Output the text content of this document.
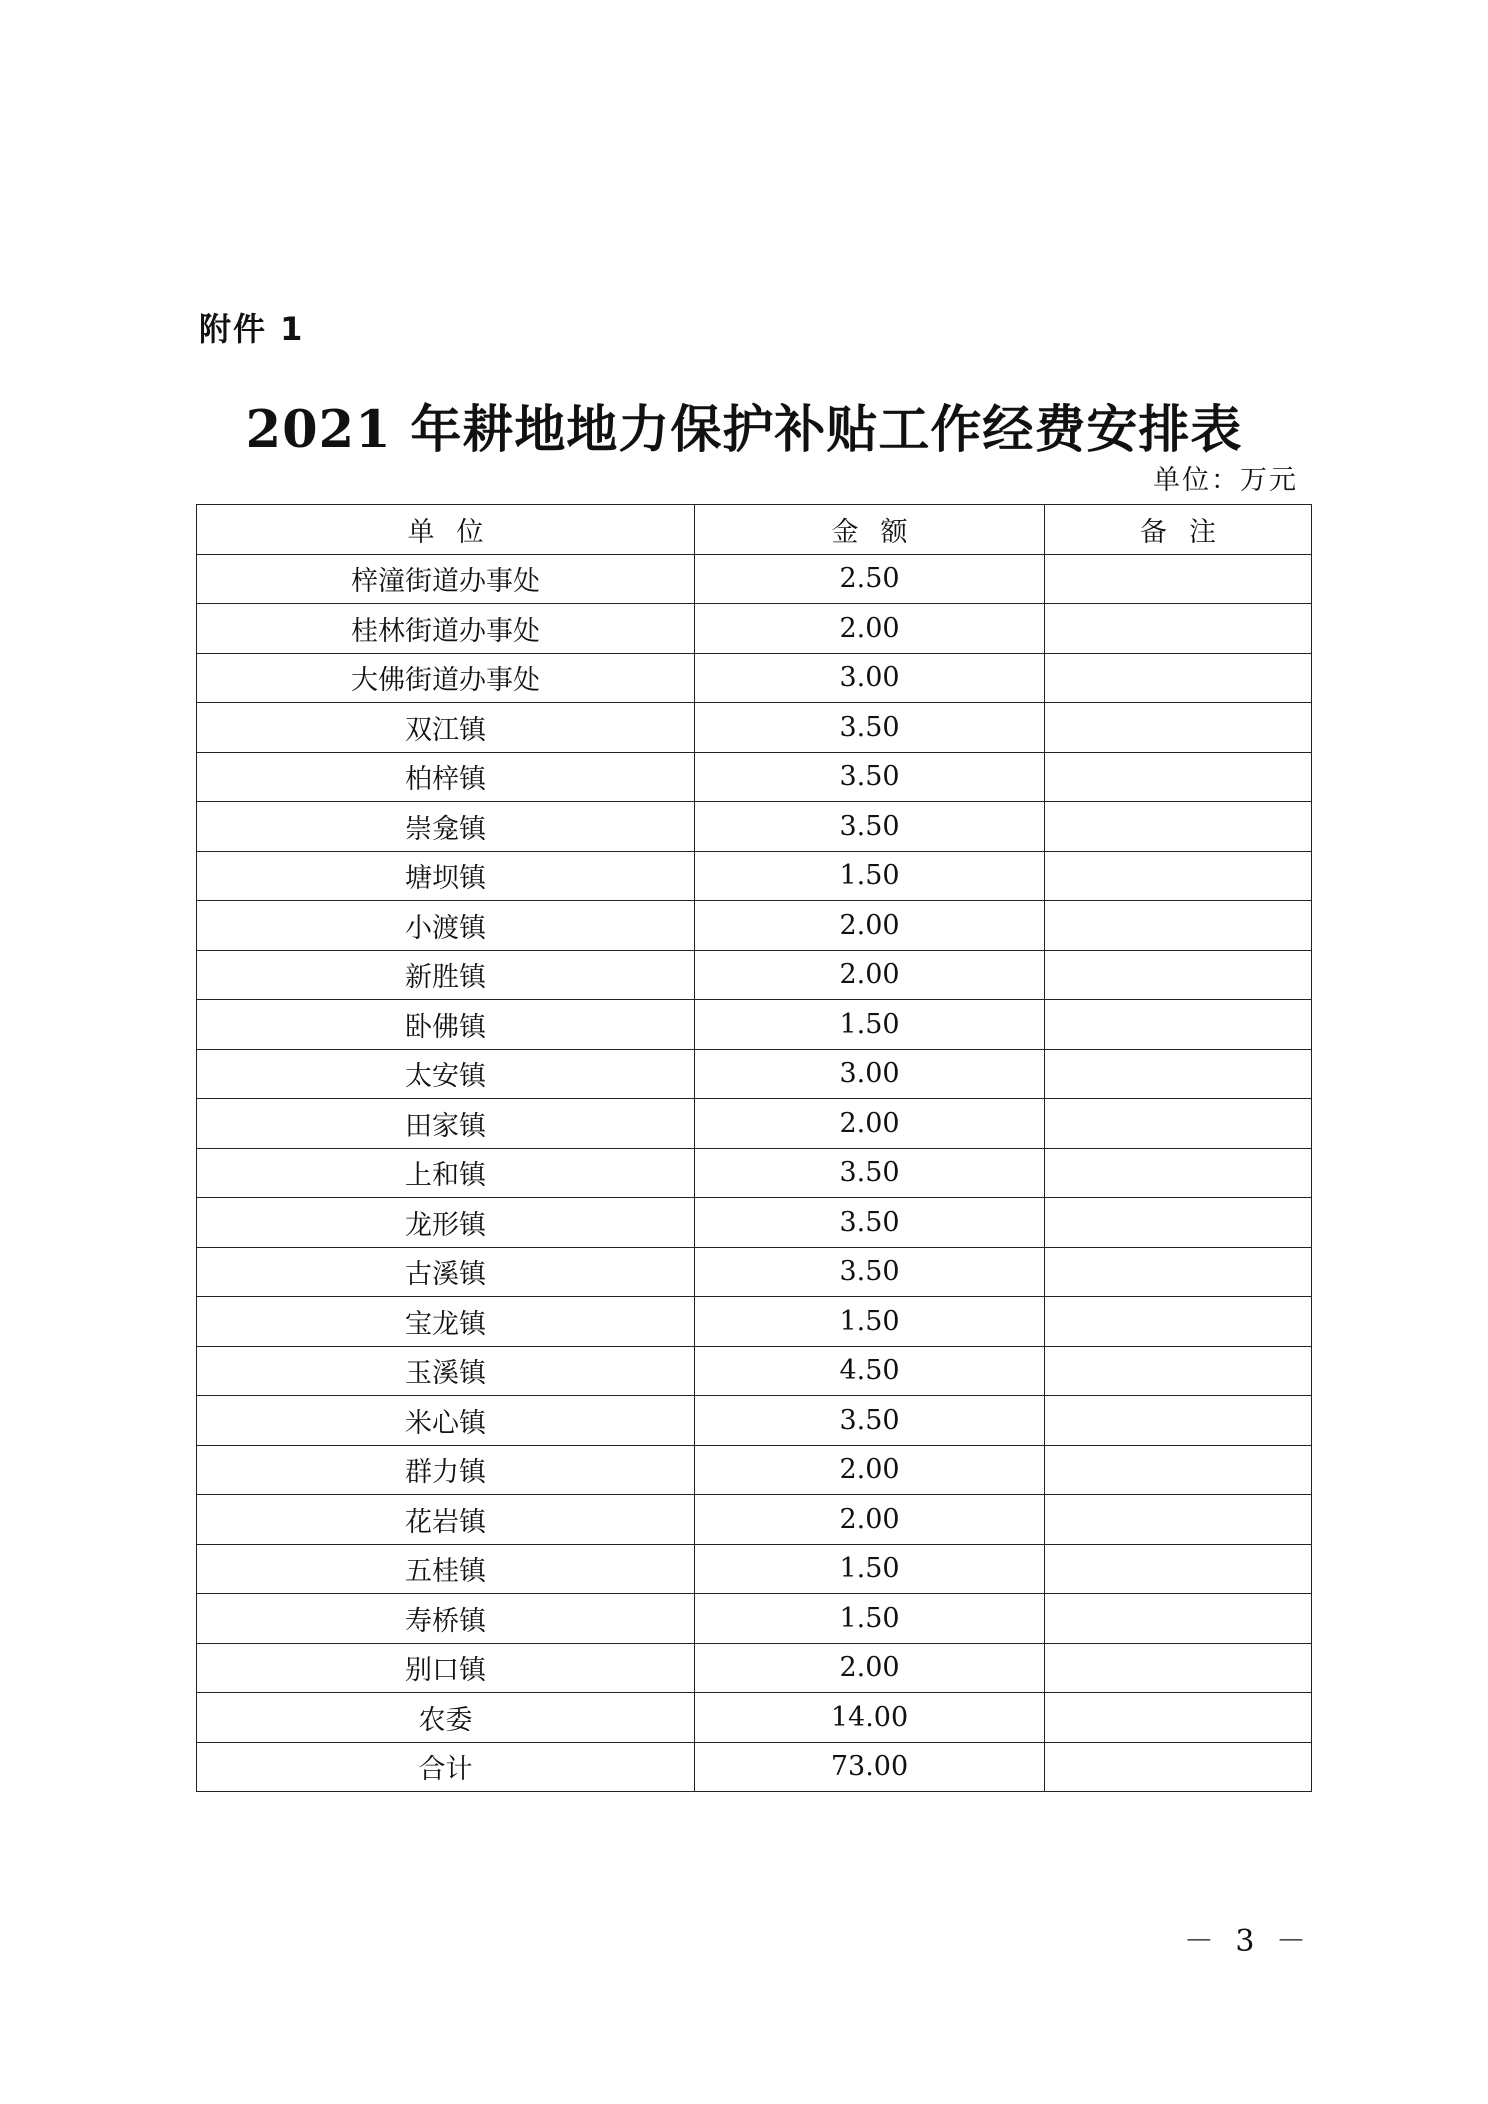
附件 1
2021 年耕地地力保护补贴工作经费安排表
单位：万元
单位	金额	备注
梓潼街道办事处	2.50	
桂林街道办事处	2.00	
大佛街道办事处	3.00	
双江镇	3.50	
柏梓镇	3.50	
崇龛镇	3.50	
塘坝镇	1.50	
小渡镇	2.00	
新胜镇	2.00	
卧佛镇	1.50	
太安镇	3.00	
田家镇	2.00	
上和镇	3.50	
龙形镇	3.50	
古溪镇	3.50	
宝龙镇	1.50	
玉溪镇	4.50	
米心镇	3.50	
群力镇	2.00	
花岩镇	2.00	
五桂镇	1.50	
寿桥镇	1.50	
别口镇	2.00	
农委	14.00	
合计	73.00	
－ 3 －
